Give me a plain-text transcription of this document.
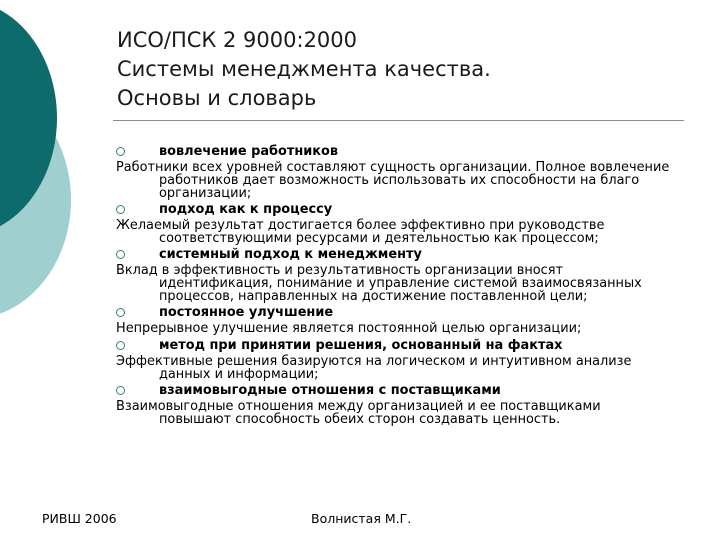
ИСО/ПСК 2 9000:2000
Системы менеджмента качества.
Основы и словарь
вовлечение работников
Работники всех уровней составляют сущность организации. Полное вовлечение работников дает возможность использовать их способности на благо организации;
подход как к процессу
Желаемый результат достигается более эффективно при руководстве соответствующими ресурсами и деятельностью как процессом;
системный подход к менеджменту
Вклад в эффективность и результативность организации вносят идентификация, понимание и управление системой взаимосвязанных процессов, направленных на достижение поставленной цели;
постоянное улучшение
Непрерывное улучшение является постоянной целью организации;
метод при принятии решения, основанный на фактах
Эффективные решения базируются на логическом и интуитивном анализе данных и информации;
взаимовыгодные отношения с поставщиками
Взаимовыгодные отношения между организацией и ее поставщиками повышают способность обеих сторон создавать ценность.
РИВШ 2006	Волнистая М.Г.
